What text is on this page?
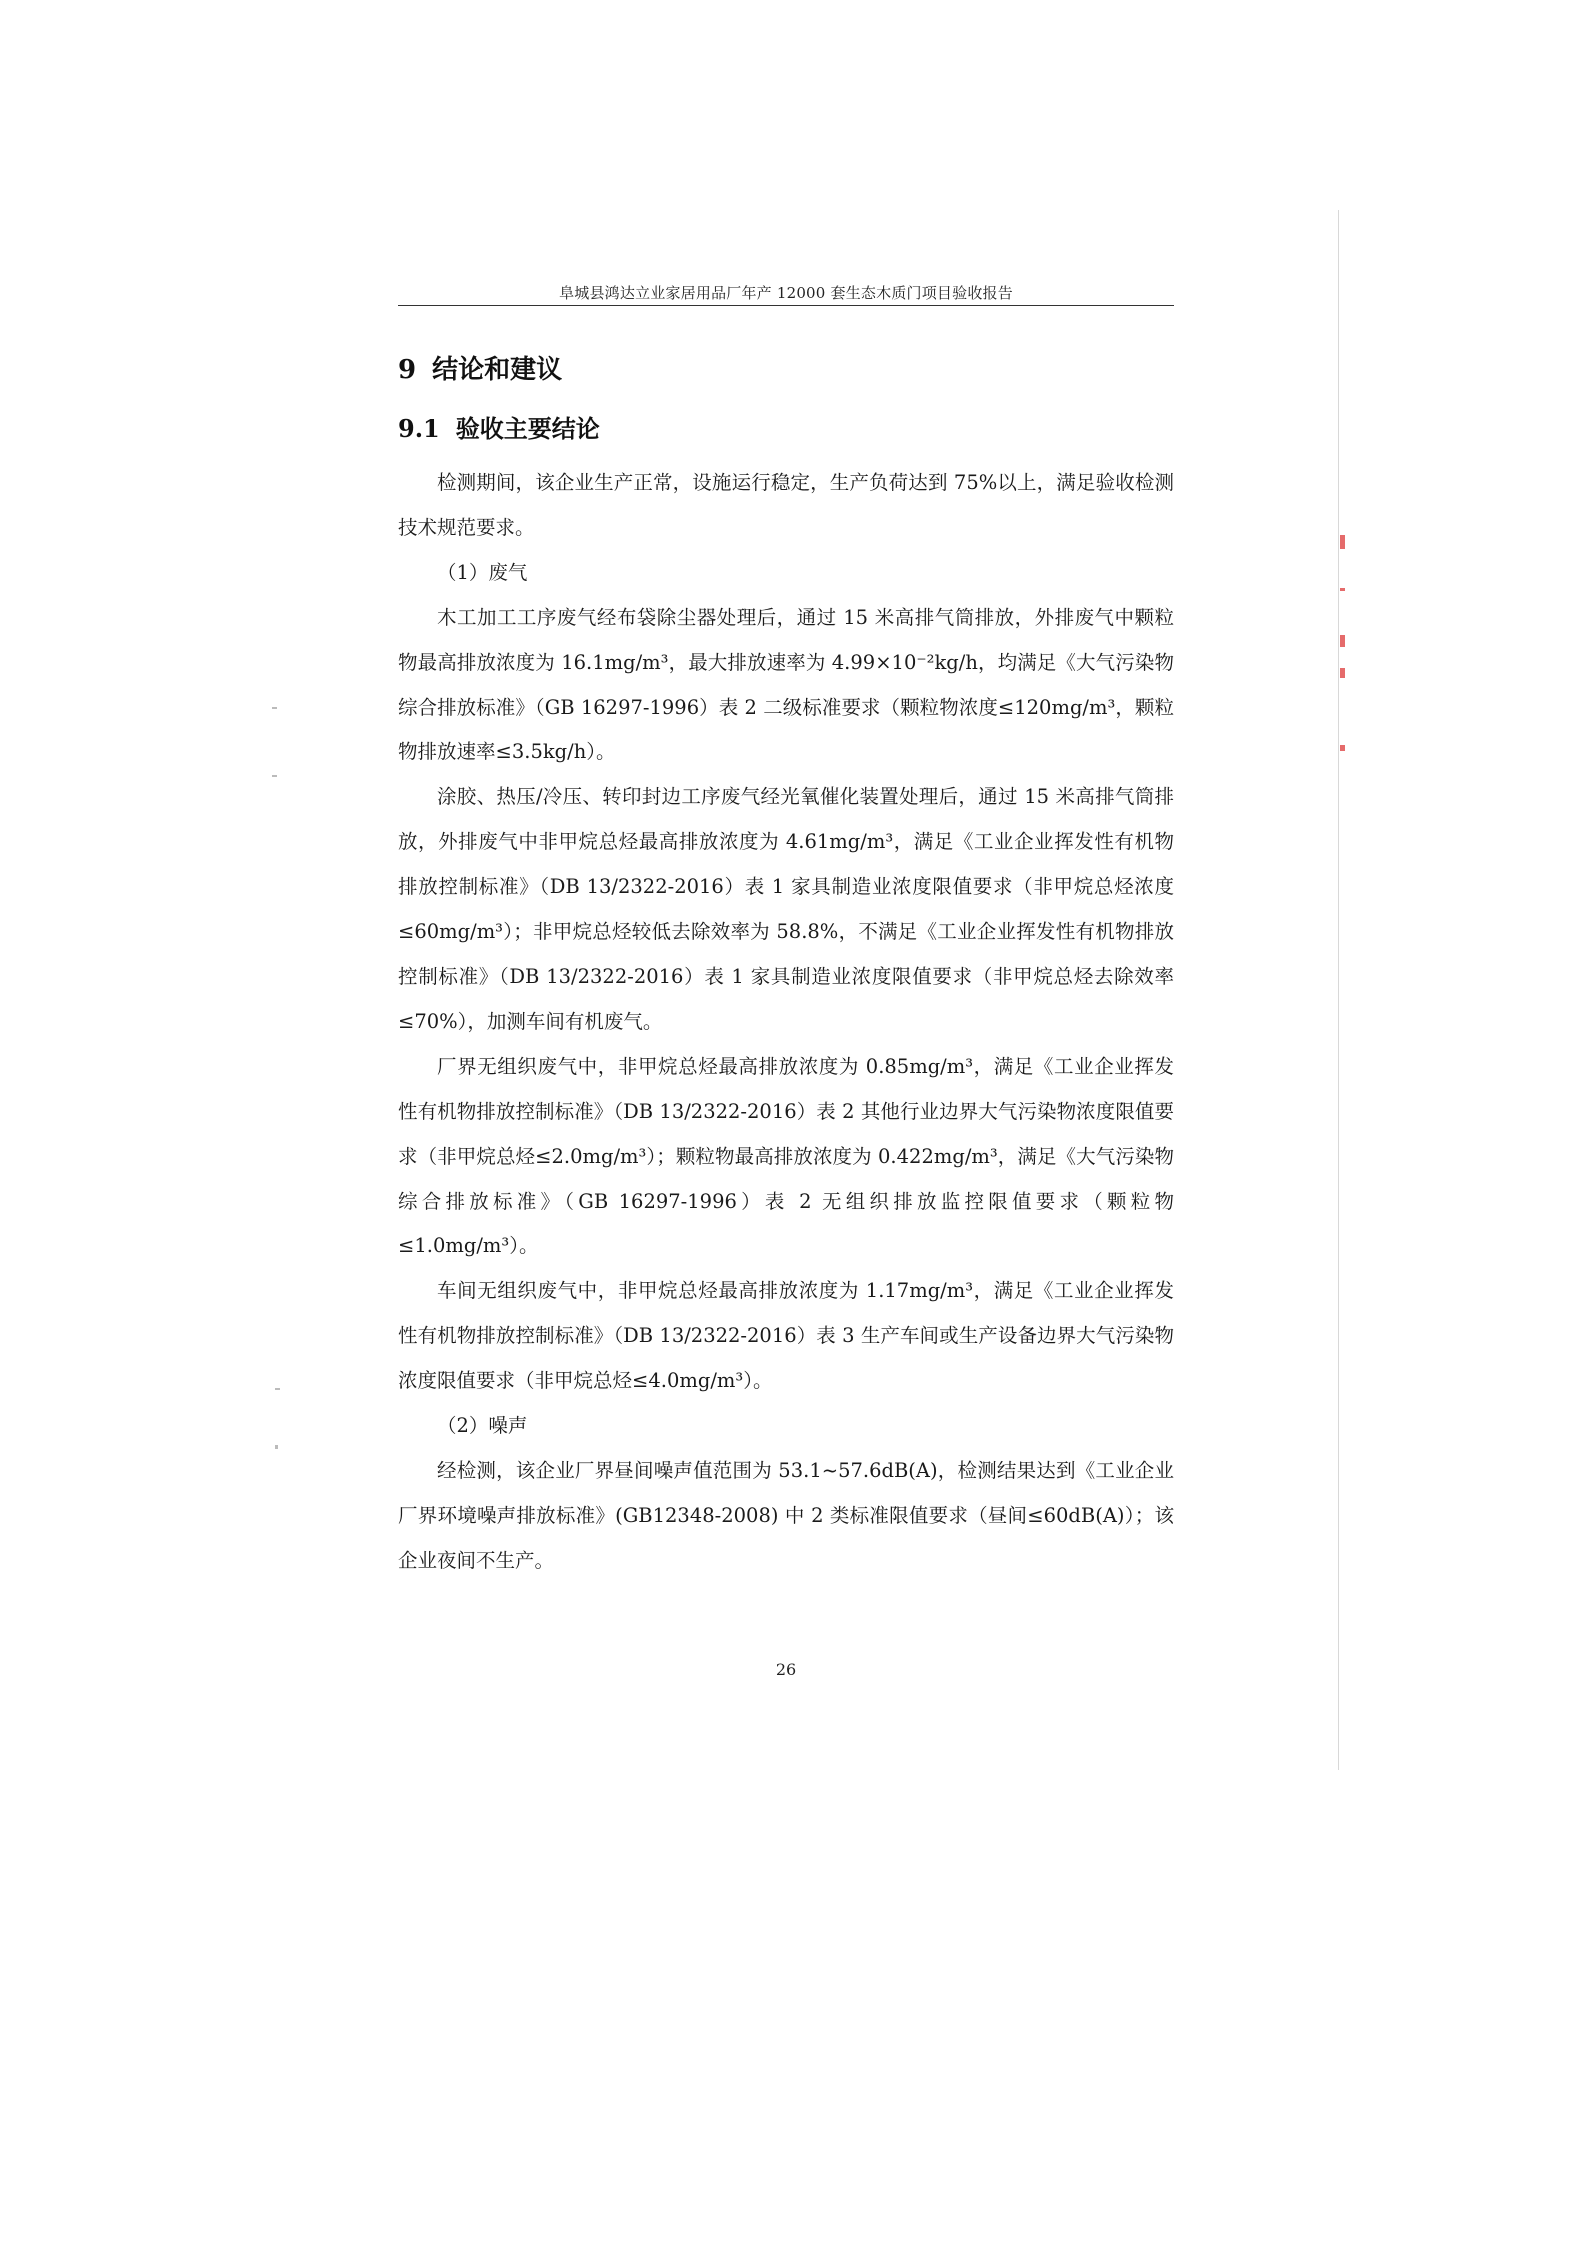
阜城县鸿达立业家居用品厂年产 12000 套生态木质门项目验收报告
9 结论和建议
9.1 验收主要结论

检测期间，该企业生产正常，设施运行稳定，生产负荷达到 75%以上，满足验收检测技术规范要求。

（1）废气

木工加工工序废气经布袋除尘器处理后，通过 15 米高排气筒排放，外排废气中颗粒物最高排放浓度为 16.1mg/m³，最大排放速率为 4.99×10⁻²kg/h，均满足《大气污染物综合排放标准》（GB 16297-1996）表 2 二级标准要求（颗粒物浓度≤120mg/m³，颗粒物排放速率≤3.5kg/h）。

涂胶、热压/冷压、转印封边工序废气经光氧催化装置处理后，通过 15 米高排气筒排放，外排废气中非甲烷总烃最高排放浓度为 4.61mg/m³，满足《工业企业挥发性有机物排放控制标准》（DB 13/2322-2016）表 1 家具制造业浓度限值要求（非甲烷总烃浓度≤60mg/m³）；非甲烷总烃较低去除效率为 58.8%，不满足《工业企业挥发性有机物排放控制标准》（DB 13/2322-2016）表 1 家具制造业浓度限值要求（非甲烷总烃去除效率≤70%），加测车间有机废气。

厂界无组织废气中，非甲烷总烃最高排放浓度为 0.85mg/m³，满足《工业企业挥发性有机物排放控制标准》（DB 13/2322-2016）表 2 其他行业边界大气污染物浓度限值要求（非甲烷总烃≤2.0mg/m³）；颗粒物最高排放浓度为 0.422mg/m³，满足《大气污染物综合排放标准》（GB 16297-1996）表 2 无组织排放监控限值要求（颗粒物≤1.0mg/m³）。

车间无组织废气中，非甲烷总烃最高排放浓度为 1.17mg/m³，满足《工业企业挥发性有机物排放控制标准》（DB 13/2322-2016）表 3 生产车间或生产设备边界大气污染物浓度限值要求（非甲烷总烃≤4.0mg/m³）。

（2）噪声

经检测，该企业厂界昼间噪声值范围为 53.1~57.6dB(A)，检测结果达到《工业企业厂界环境噪声排放标准》(GB12348-2008) 中 2 类标准限值要求（昼间≤60dB(A)）；该企业夜间不生产。

26
